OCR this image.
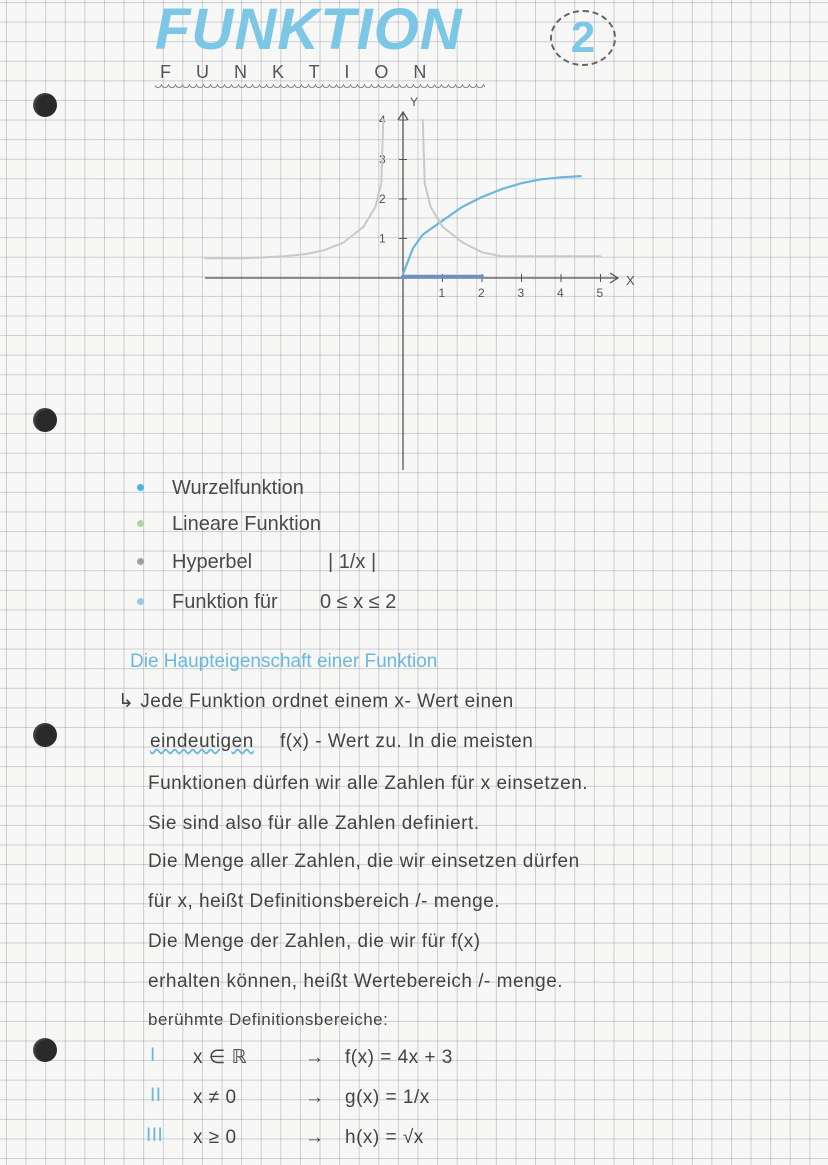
FUNKTION
F U N K T I O N
2
1	2	3	4	5
1
2
3
4
Y
X
Wurzelfunktion
Lineare Funktion
Hyperbel	| 1/x |
Funktion für 0 ≤ x ≤ 2
Die Haupteigenschaft einer Funktion
↳ Jede Funktion ordnet einem x- Wert einen
eindeutigen f(x) - Wert zu. In die meisten
Funktionen dürfen wir alle Zahlen für x einsetzen.
Sie sind also für alle Zahlen definiert.
Die Menge aller Zahlen, die wir einsetzen dürfen
für x, heißt Definitionsbereich /- menge.
Die Menge der Zahlen, die wir für f(x)
erhalten können, heißt Wertebereich /- menge.
berühmte Definitionsbereiche:
I x ∈ ℝ	→ f(x) = 4x + 3
II x ≠ 0	→ g(x) = 1/x
III x ≥ 0	→ h(x) = √x
